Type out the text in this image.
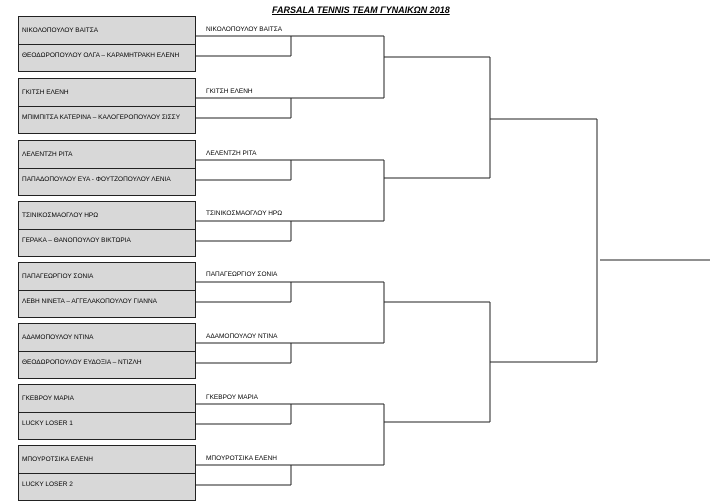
FARSALA TENNIS TEAM ΓΥΝΑΙΚΩΝ 2018
ΝΙΚΟΛΟΠΟΥΛΟΥ ΒΑΙΤΣΑ
ΘΕΟΔΩΡΟΠΟΥΛΟΥ ΟΛΓΑ – ΚΑΡΑΜΗΤΡΑΚΗ ΕΛΕΝΗ
ΓΚΙΤΣΗ ΕΛΕΝΗ
ΜΠΙΜΠΙΤΣΑ ΚΑΤΕΡΙΝΑ – ΚΑΛΟΓΕΡΟΠΟΥΛΟΥ ΣΙΣΣΥ
ΛΕΛΕΝΤΖΗ ΡΙΤΑ
ΠΑΠΑΔΟΠΟΥΛΟΥ ΕΥΑ - ΦΟΥΤΖΟΠΟΥΛΟΥ ΛΕΝΙΑ
ΤΣΙΝΙΚΟΣΜΑΟΓΛΟΥ ΗΡΩ
ΓΕΡΑΚΑ – ΘΑΝΟΠΟΥΛΟΥ ΒΙΚΤΩΡΙΑ
ΠΑΠΑΓΕΩΡΓΙΟΥ ΣΟΝΙΑ
ΛΕΒΗ ΝΙΝΕΤΑ – ΑΓΓΕΛΑΚΟΠΟΥΛΟΥ ΓΙΑΝΝΑ
ΑΔΑΜΟΠΟΥΛΟΥ ΝΤΙΝΑ
ΘΕΟΔΩΡΟΠΟΥΛΟΥ ΕΥΔΟΞΙΑ – ΝΤΙΖΛΗ
ΓΚΕΒΡΟΥ ΜΑΡΙΑ
LUCKY LOSER 1
ΜΠΟΥΡΟΤΣΙΚΑ ΕΛΕΝΗ
LUCKY LOSER 2
ΝΙΚΟΛΟΠΟΥΛΟΥ ΒΑΙΤΣΑ
ΓΚΙΤΣΗ ΕΛΕΝΗ
ΛΕΛΕΝΤΖΗ ΡΙΤΑ
ΤΣΙΝΙΚΟΣΜΑΟΓΛΟΥ ΗΡΩ
ΠΑΠΑΓΕΩΡΓΙΟΥ ΣΟΝΙΑ
ΑΔΑΜΟΠΟΥΛΟΥ ΝΤΙΝΑ
ΓΚΕΒΡΟΥ ΜΑΡΙΑ
ΜΠΟΥΡΟΤΣΙΚΑ ΕΛΕΝΗ
